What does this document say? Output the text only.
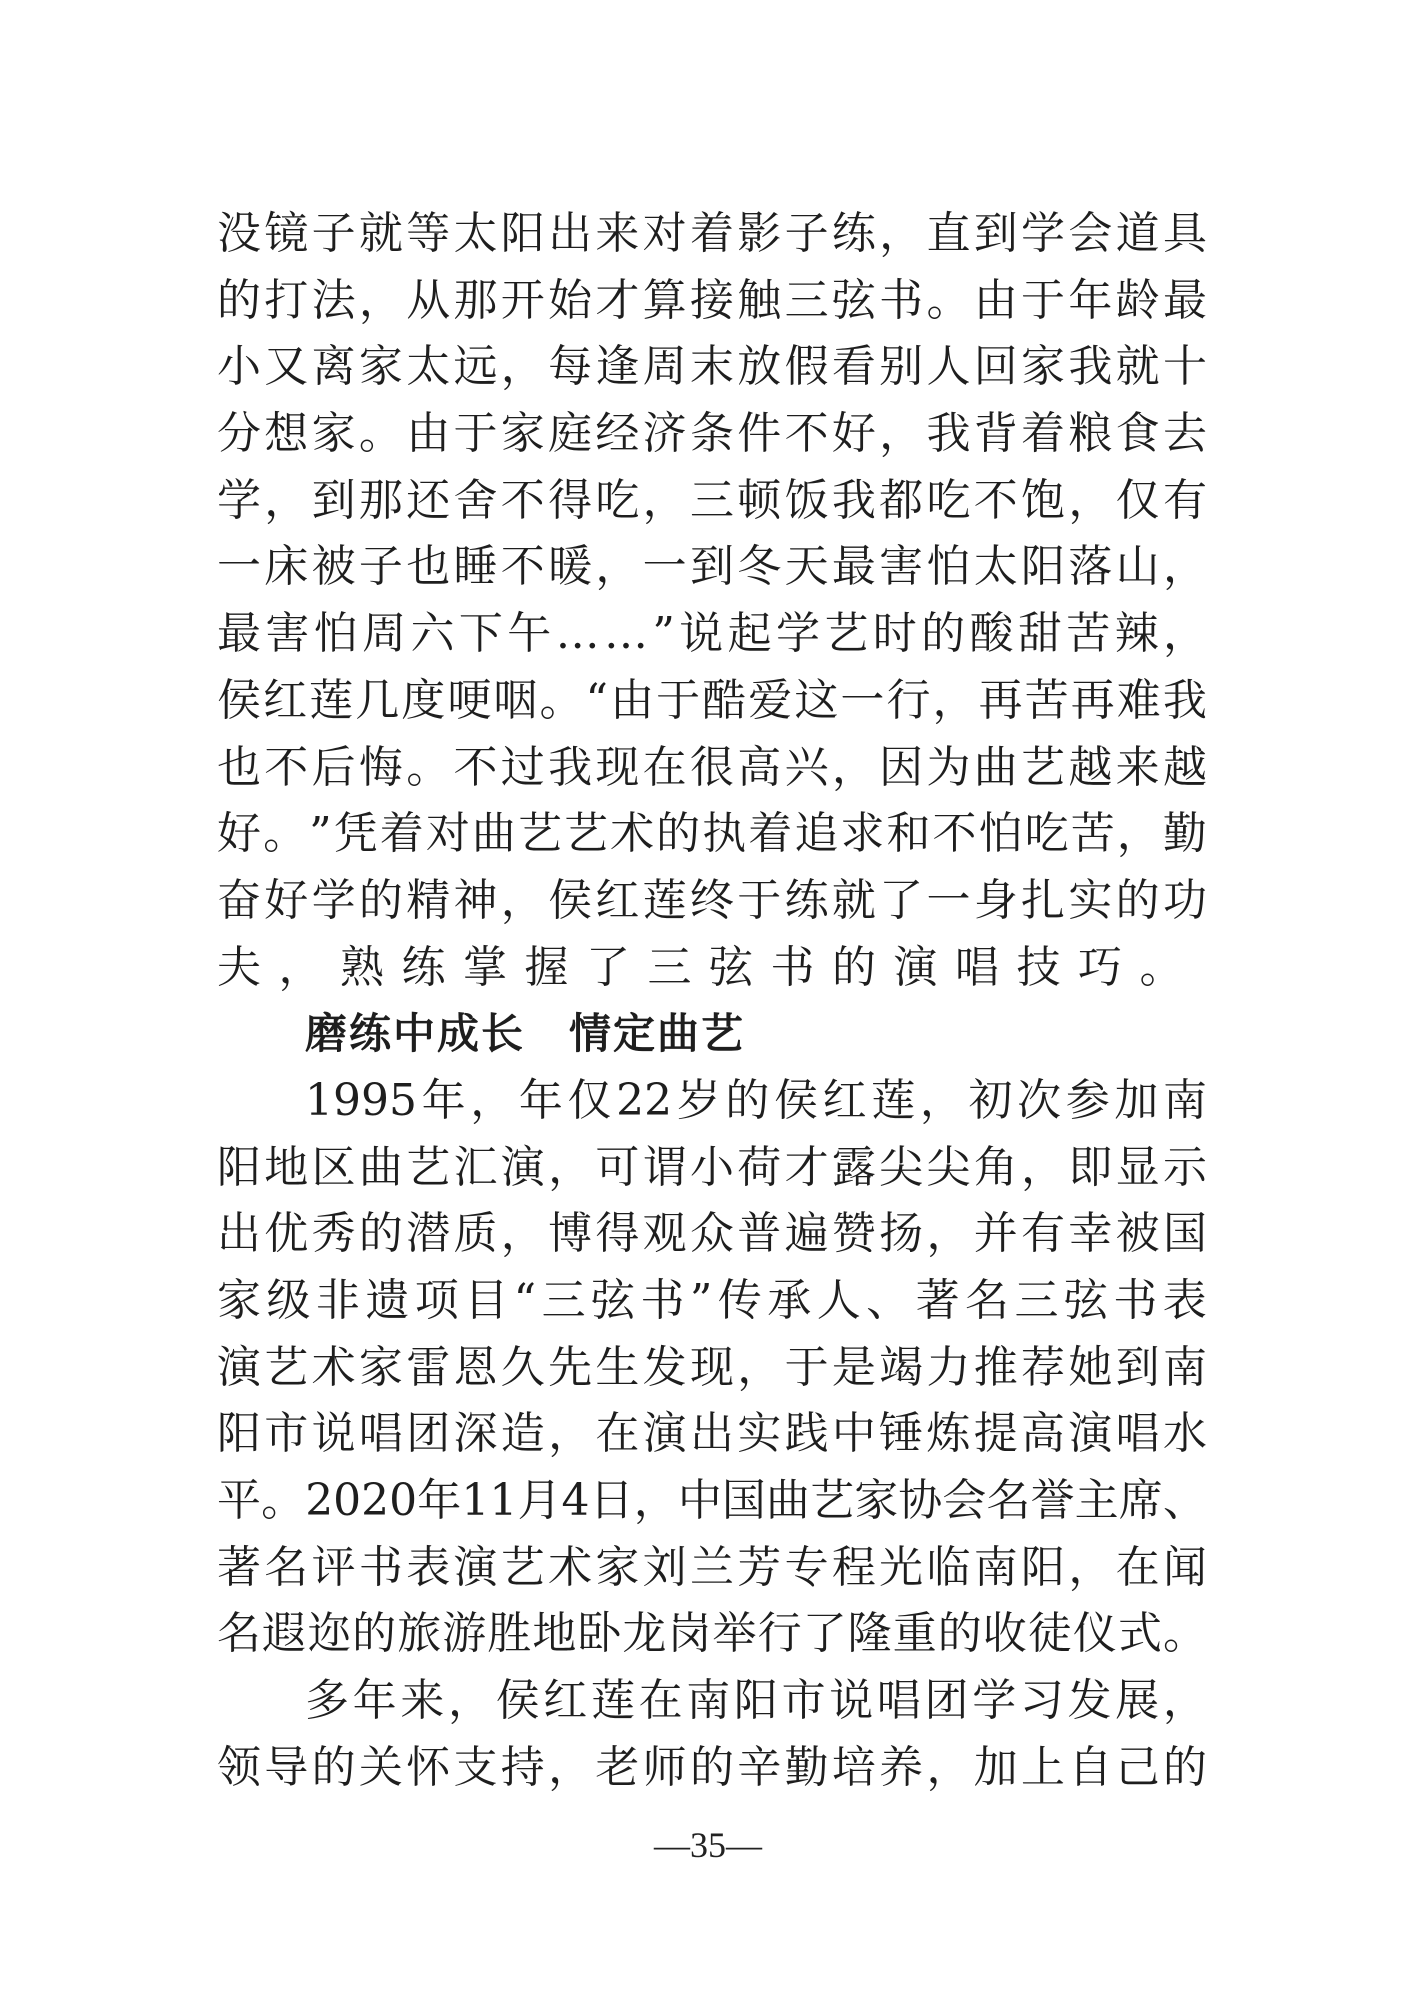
没 镜 子 就 等 太 阳 出 来 对 着 影 子 练 ， 直 到 学 会 道 具
的 打 法 ， 从 那 开 始 才 算 接 触 三 弦 书 。 由 于 年 龄 最
小 又 离 家 太 远 ， 每 逢 周 末 放 假 看 别 人 回 家 我 就 十
分 想 家 。 由 于 家 庭 经 济 条 件 不 好 ， 我 背 着 粮 食 去
学 ， 到 那 还 舍 不 得 吃 ， 三 顿 饭 我 都 吃 不 饱 ， 仅 有
一 床 被 子 也 睡 不 暖 ， 一 到 冬 天 最 害 怕 太 阳 落 山 ，
最 害 怕 周 六 下 午 … … ” 说 起 学 艺 时 的 酸 甜 苦 辣 ，
侯 红 莲 几 度 哽 咽 。 “ 由 于 酷 爱 这 一 行 ， 再 苦 再 难 我
也 不 后 悔 。 不 过 我 现 在 很 高 兴 ， 因 为 曲 艺 越 来 越
好 。 ” 凭 着 对 曲 艺 艺 术 的 执 着 追 求 和 不 怕 吃 苦 ， 勤
奋 好 学 的 精 神 ， 侯 红 莲 终 于 练 就 了 一 身 扎 实 的 功
夫，熟练掌握了三弦书的演唱技巧。
磨练中成长　情定曲艺
1995 年 ， 年 仅 22 岁 的 侯 红 莲 ， 初 次 参 加 南
阳 地 区 曲 艺 汇 演 ， 可 谓 小 荷 才 露 尖 尖 角 ， 即 显 示
出 优 秀 的 潜 质 ， 博 得 观 众 普 遍 赞 扬 ， 并 有 幸 被 国
家 级 非 遗 项 目 “ 三 弦 书 ” 传 承 人 、 著 名 三 弦 书 表
演 艺 术 家 雷 恩 久 先 生 发 现 ， 于 是 竭 力 推 荐 她 到 南
阳 市 说 唱 团 深 造 ， 在 演 出 实 践 中 锤 炼 提 高 演 唱 水
平 。 2020 年 11 月 4 日 ， 中 国 曲 艺 家 协 会 名 誉 主 席 、
著 名 评 书 表 演 艺 术 家 刘 兰 芳 专 程 光 临 南 阳 ， 在 闻
名 遐 迩 的 旅 游 胜 地 卧 龙 岗 举 行 了 隆 重 的 收 徒 仪 式 。
多 年 来 ， 侯 红 莲 在 南 阳 市 说 唱 团 学 习 发 展 ，
领 导 的 关 怀 支 持 ， 老 师 的 辛 勤 培 养 ， 加 上 自 己 的
—35—
